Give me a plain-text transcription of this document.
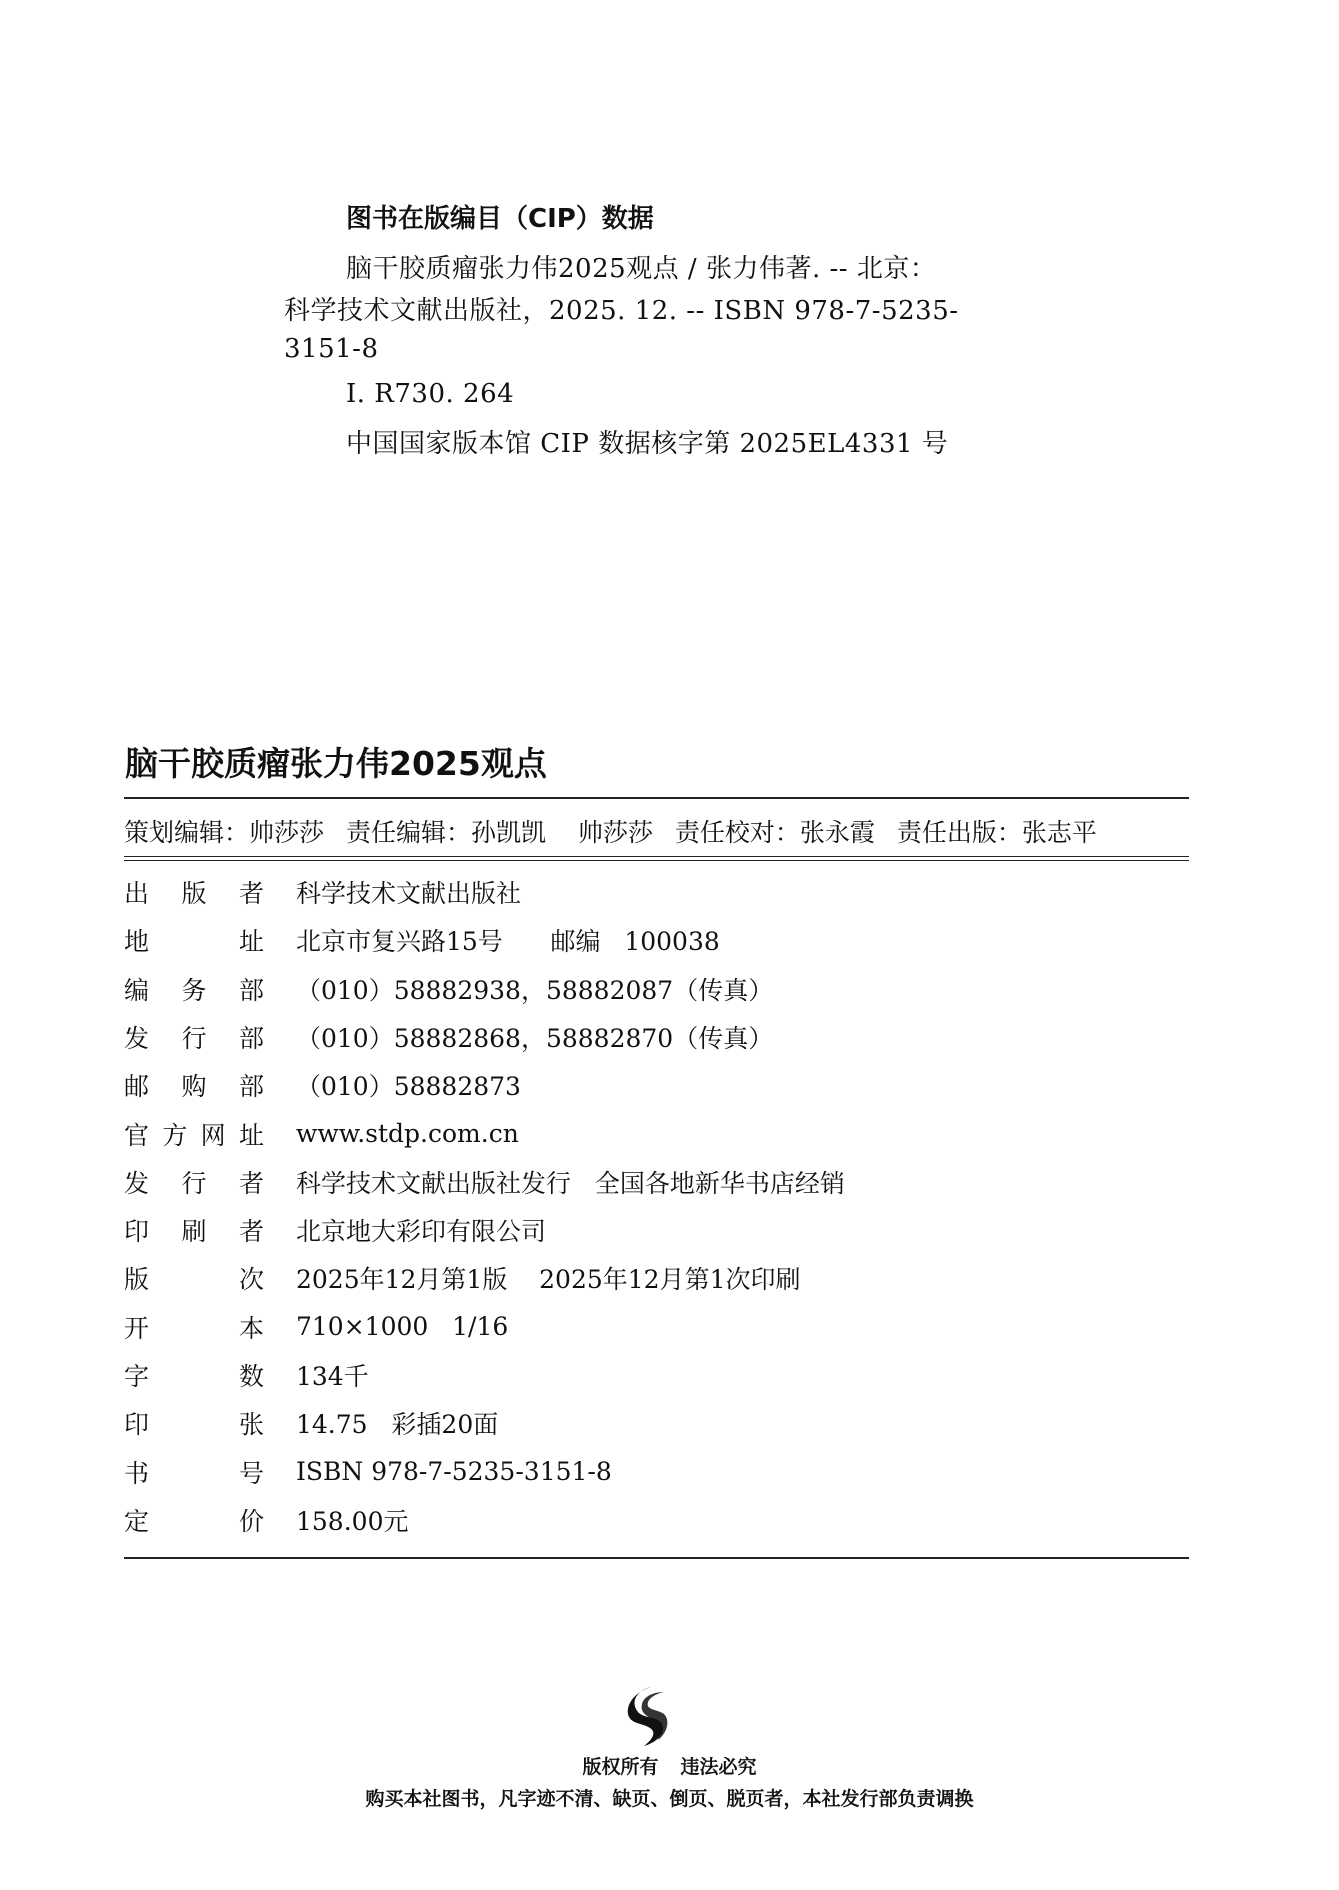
图书在版编目（CIP）数据
脑干胶质瘤张力伟2025观点 / 张力伟著. -- 北京：
科学技术文献出版社，2025. 12. -- ISBN 978-7-5235-
3151-8
Ⅰ. R730. 264
中国国家版本馆 CIP 数据核字第 2025EL4331 号
脑干胶质瘤张力伟2025观点
策划编辑： 帅莎莎 责任编辑： 孙凯凯    帅莎莎 责任校对： 张永霞 责任出版： 张志平
出 版 者 科学技术文献出版社
地	址 北京市复兴路15号      邮编   100038
编 务 部 （010）58882938，58882087（传真）
发 行 部 （010）58882868，58882870（传真）
邮 购 部 （010）58882873
官 方 网 址 www.stdp.com.cn
发 行 者 科学技术文献出版社发行   全国各地新华书店经销
印 刷 者 北京地大彩印有限公司
版	次 2025年12月第1版    2025年12月第1次印刷
开	本 710×1000   1/16
字	数 134千
印	张 14.75   彩插20面
书	号 ISBN 978-7-5235-3151-8
定	价 158.00元
版权所有 违法必究
购买本社图书，凡字迹不清、缺页、倒页、脱页者，本社发行部负责调换
